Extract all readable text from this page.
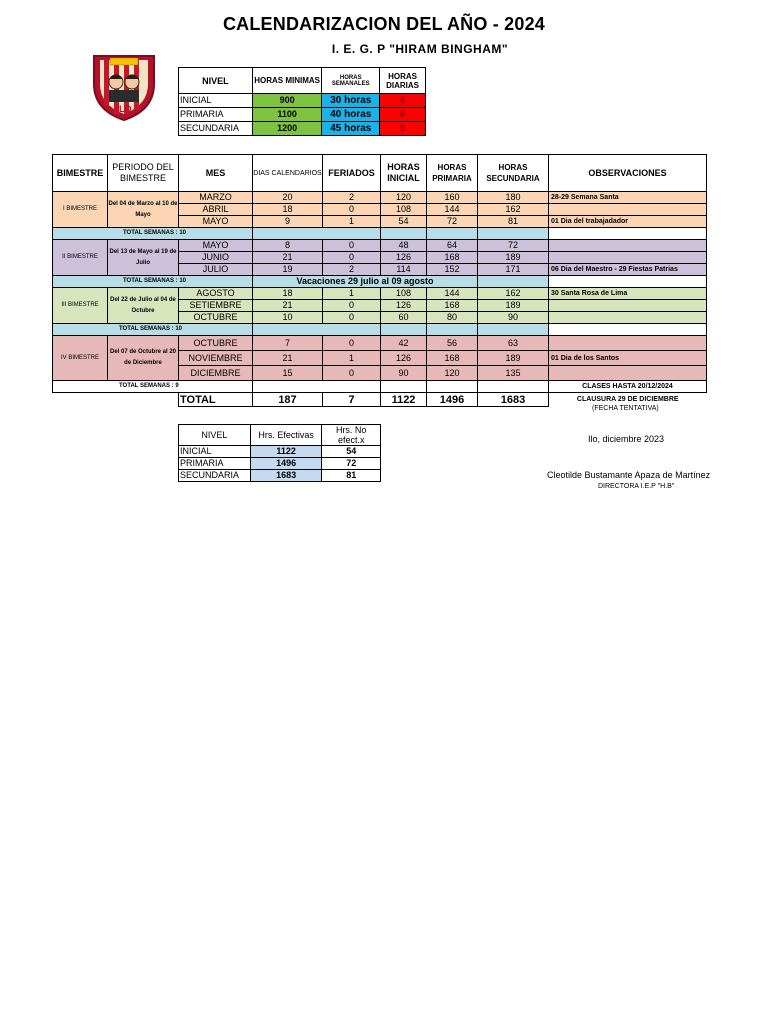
CALENDARIZACION DEL AÑO - 2024
I. E. G. P "HIRAM BINGHAM"
ILO
NIVEL	HORAS MINIMAS	HORAS SEMANALES	HORAS DIARIAS
INICIAL	900	30 horas	6
PRIMARIA	1100	40 horas	8
SECUNDARIA	1200	45 horas	9
BIMESTRE	PERIODO DEL BIMESTRE	MES	DIAS CALENDARIOS	FERIADOS	HORAS INICIAL	HORAS PRIMARIA	HORAS SECUNDARIA	OBSERVACIONES
I BIMESTRE	Del 04 de Marzo al 10 de Mayo	MARZO	20	2	120	160	180	28-29 Semana Santa
		ABRIL	18	0	108	144	162	
		MAYO	9	1	54	72	81	01 Dia del trabajadador
TOTAL SEMANAS : 10								
II BIMESTRE	Del 13 de Mayo al 19 de Julio	MAYO	8	0	48	64	72	
		JUNIO	21	0	126	168	189	
		JULIO	19	2	114	152	171	06 Dia del Maestro - 29 Fiestas Patrias
TOTAL SEMANAS : 10			Vacaciones 29 julio al 09 agosto					
III BIMESTRE	Del 22 de Julio al 04 de Octubre	AGOSTO	18	1	108	144	162	30 Santa Rosa de Lima
		SETIEMBRE	21	0	126	168	189	
		OCTUBRE	10	0	60	80	90	
TOTAL SEMANAS : 10								
IV BIMESTRE	Del 07 de Octubre al 20 de Diciembre	OCTUBRE	7	0	42	56	63	
		NOVIEMBRE	21	1	126	168	189	01 Dia de los Santos
		DICIEMBRE	15	0	90	120	135	
TOTAL SEMANAS : 9								CLASES HASTA 20/12/2024
		TOTAL	187	7	1122	1496	1683	CLAUSURA 29 DE DICIEMBRE
(FECHA TENTATIVA)
NIVEL	Hrs. Efectivas	Hrs. No efect.x
INICIAL	1122	54
PRIMARIA	1496	72
SECUNDARIA	1683	81
Ilo, diciembre 2023
Cleotilde Bustamante Apaza de Martínez
DIRECTORA I.E.P "H.B"
